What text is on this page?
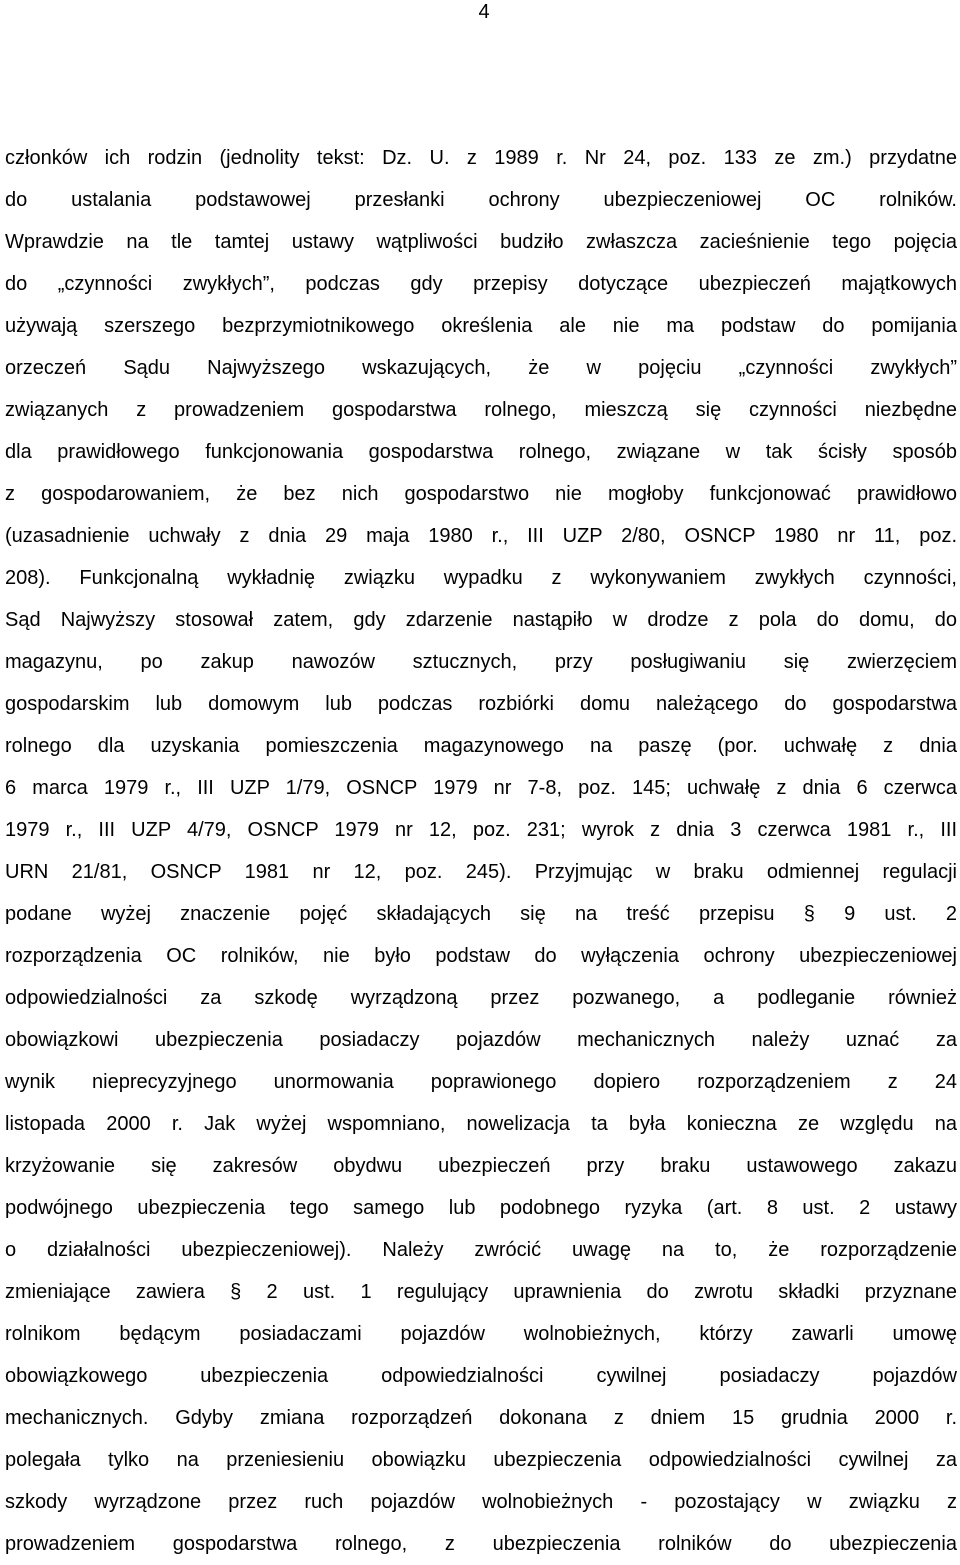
4
członków ich rodzin (jednolity tekst: Dz. U. z 1989 r. Nr 24, poz. 133 ze zm.) przydatne
do ustalania podstawowej przesłanki ochrony ubezpieczeniowej OC rolników.
Wprawdzie na tle tamtej ustawy wątpliwości budziło zwłaszcza zacieśnienie tego pojęcia
do „czynności zwykłych”, podczas gdy przepisy dotyczące ubezpieczeń majątkowych
używają szerszego bezprzymiotnikowego określenia ale nie ma podstaw do pomijania
orzeczeń Sądu Najwyższego wskazujących, że w pojęciu „czynności zwykłych”
związanych z prowadzeniem gospodarstwa rolnego, mieszczą się czynności niezbędne
dla prawidłowego funkcjonowania gospodarstwa rolnego, związane w tak ścisły sposób
z gospodarowaniem, że bez nich gospodarstwo nie mogłoby funkcjonować prawidłowo
(uzasadnienie uchwały z dnia 29 maja 1980 r., III UZP 2/80, OSNCP 1980 nr 11, poz.
208). Funkcjonalną wykładnię związku wypadku z wykonywaniem zwykłych czynności,
Sąd Najwyższy stosował zatem, gdy zdarzenie nastąpiło w drodze z pola do domu, do
magazynu, po zakup nawozów sztucznych, przy posługiwaniu się zwierzęciem
gospodarskim lub domowym lub podczas rozbiórki domu należącego do gospodarstwa
rolnego dla uzyskania pomieszczenia magazynowego na paszę (por. uchwałę z dnia
6 marca 1979 r., III UZP 1/79, OSNCP 1979 nr 7-8, poz. 145; uchwałę z dnia 6 czerwca
1979 r., III UZP 4/79, OSNCP 1979 nr 12, poz. 231; wyrok z dnia 3 czerwca 1981 r., III
URN 21/81, OSNCP 1981 nr 12, poz. 245). Przyjmując w braku odmiennej regulacji
podane wyżej znaczenie pojęć składających się na treść przepisu § 9 ust. 2
rozporządzenia OC rolników, nie było podstaw do wyłączenia ochrony ubezpieczeniowej
odpowiedzialności za szkodę wyrządzoną przez pozwanego, a podleganie również
obowiązkowi ubezpieczenia posiadaczy pojazdów mechanicznych należy uznać za
wynik nieprecyzyjnego unormowania poprawionego dopiero rozporządzeniem z 24
listopada 2000 r. Jak wyżej wspomniano, nowelizacja ta była konieczna ze względu na
krzyżowanie się zakresów obydwu ubezpieczeń przy braku ustawowego zakazu
podwójnego ubezpieczenia tego samego lub podobnego ryzyka (art. 8 ust. 2 ustawy
o działalności ubezpieczeniowej). Należy zwrócić uwagę na to, że rozporządzenie
zmieniające zawiera § 2 ust. 1 regulujący uprawnienia do zwrotu składki przyznane
rolnikom będącym posiadaczami pojazdów wolnobieżnych, którzy zawarli umowę
obowiązkowego ubezpieczenia odpowiedzialności cywilnej posiadaczy pojazdów
mechanicznych. Gdyby zmiana rozporządzeń dokonana z dniem 15 grudnia 2000 r.
polegała tylko na przeniesieniu obowiązku ubezpieczenia odpowiedzialności cywilnej za
szkody wyrządzone przez ruch pojazdów wolnobieżnych - pozostający w związku z
prowadzeniem gospodarstwa rolnego, z ubezpieczenia rolników do ubezpieczenia
